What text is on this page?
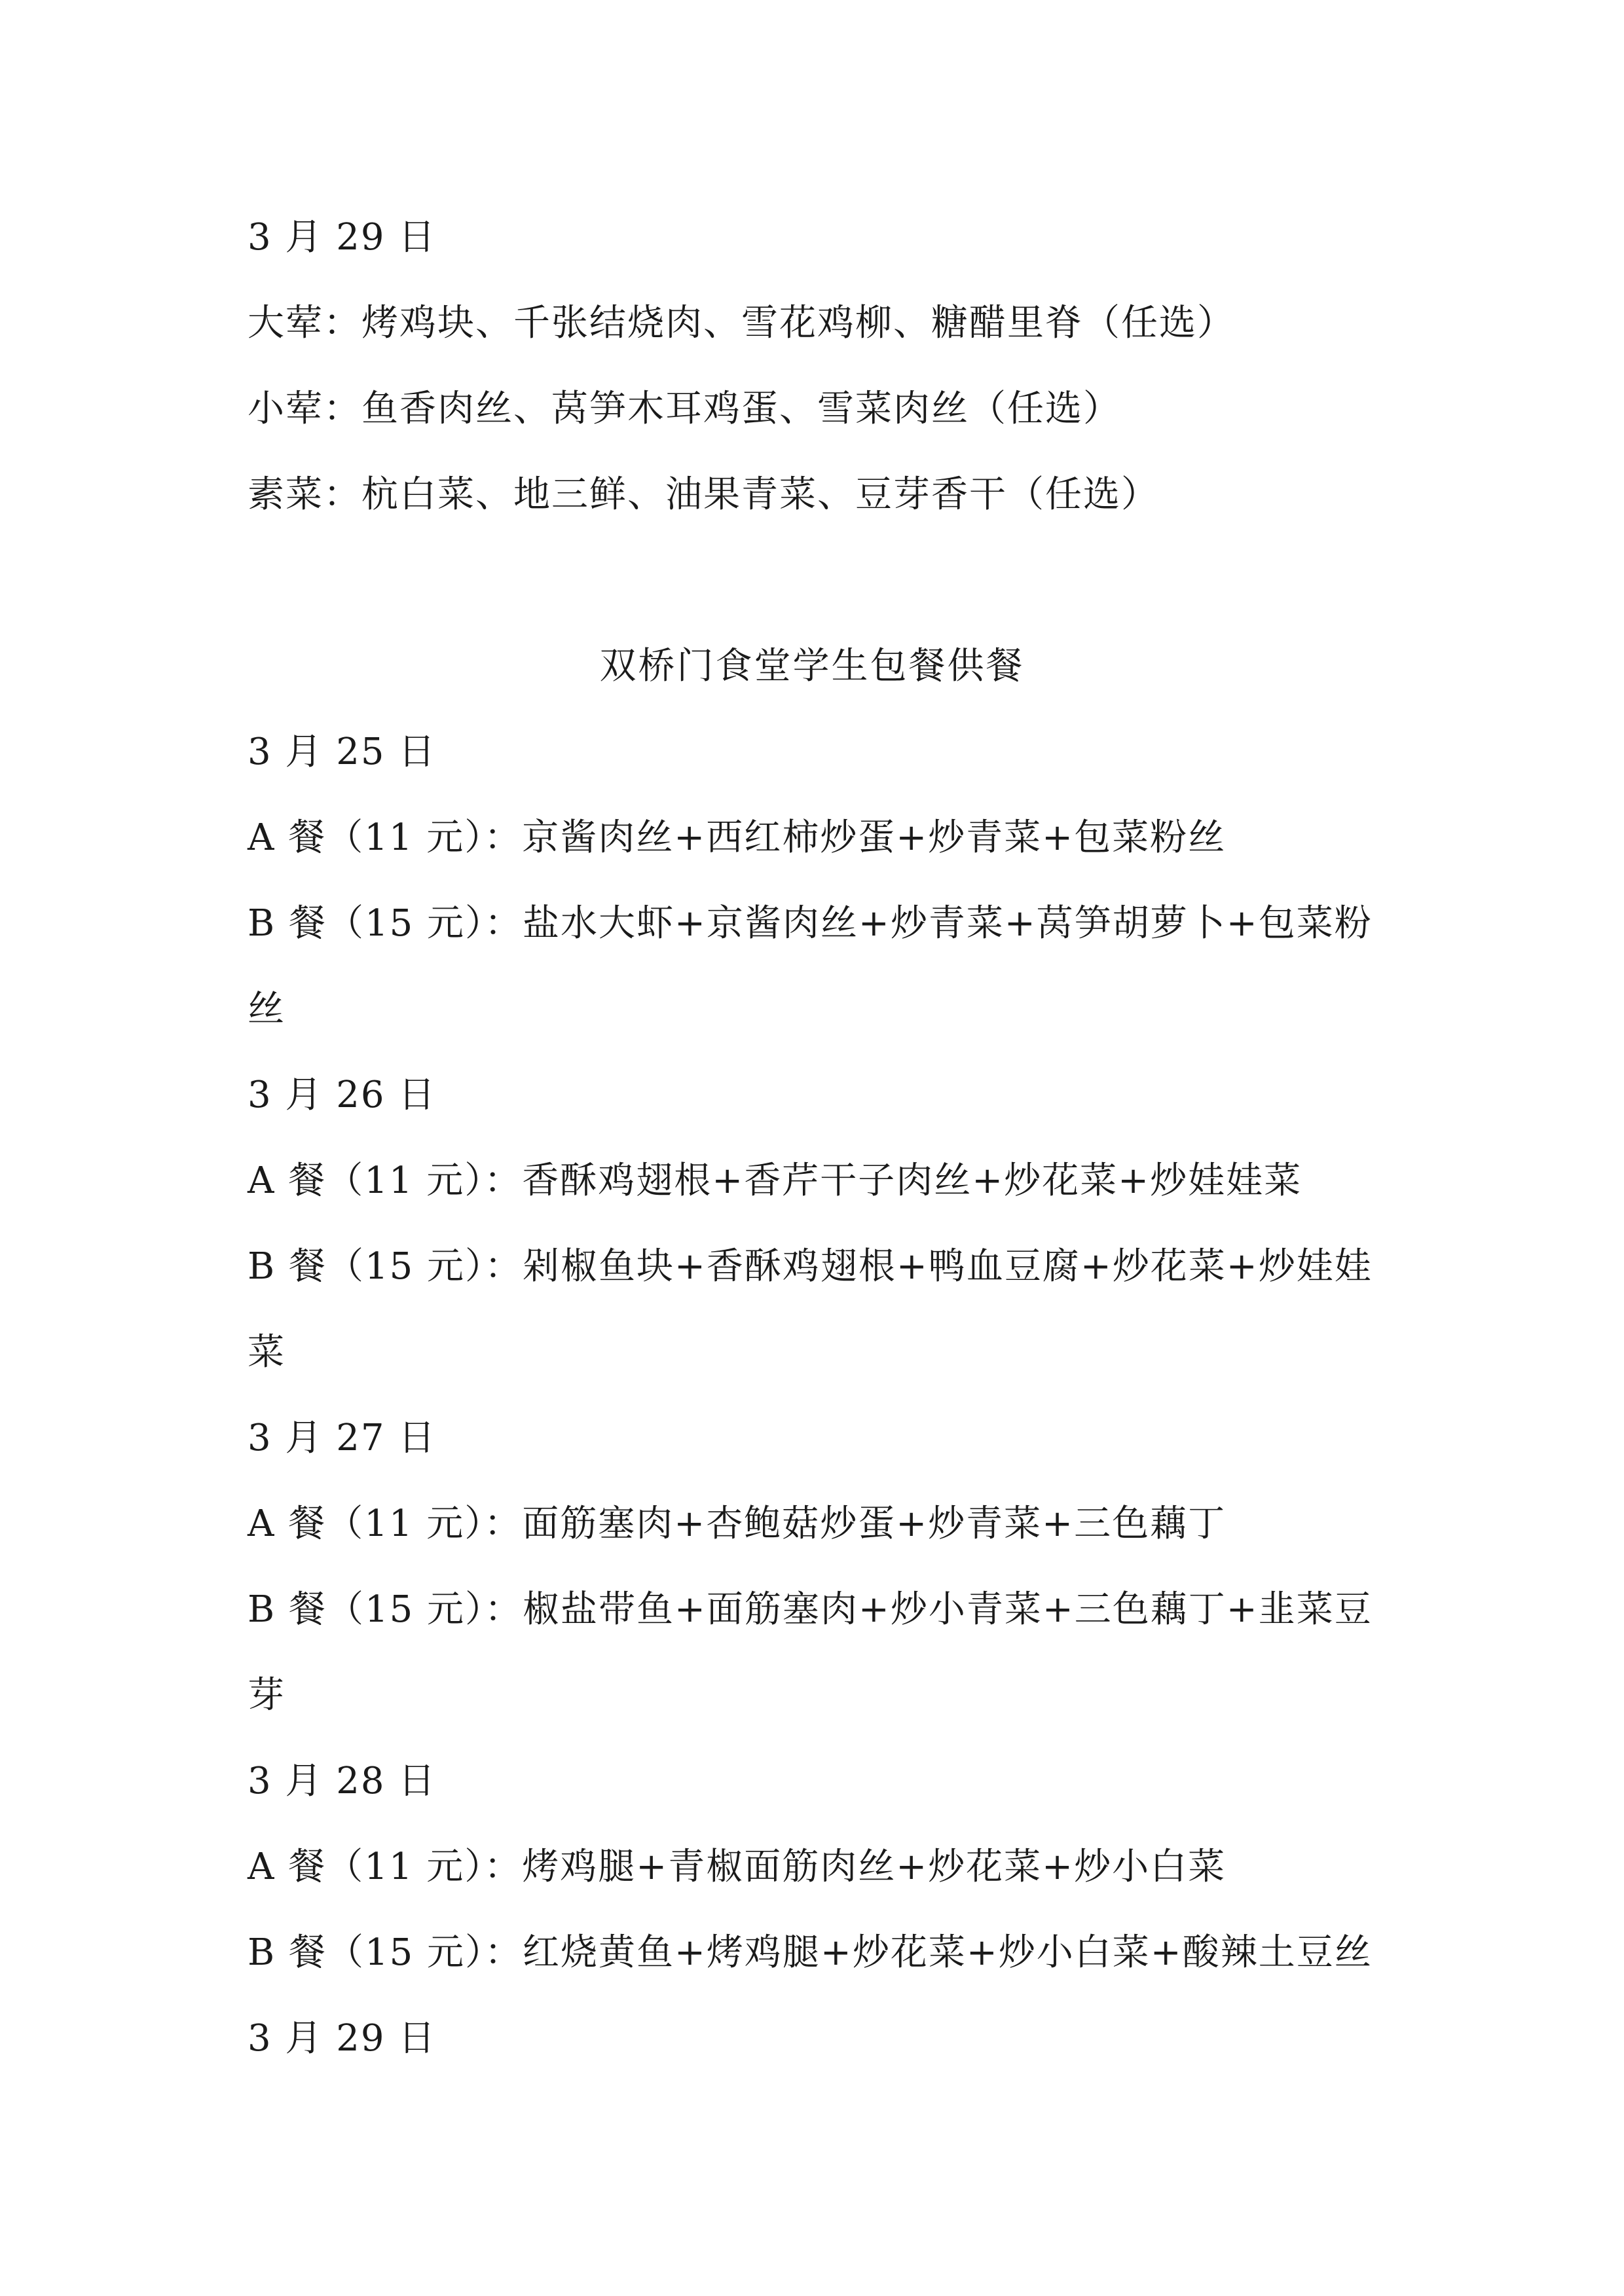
3 月 29 日
大荤：烤鸡块、千张结烧肉、雪花鸡柳、糖醋里脊（任选）
小荤：鱼香肉丝、莴笋木耳鸡蛋、雪菜肉丝（任选）
素菜：杭白菜、地三鲜、油果青菜、豆芽香干（任选）
双桥门食堂学生包餐供餐
3 月 25 日
A 餐（11 元）：京酱肉丝+西红柿炒蛋+炒青菜+包菜粉丝
B 餐（15 元）：盐水大虾+京酱肉丝+炒青菜+莴笋胡萝卜+包菜粉
丝
3 月 26 日
A 餐（11 元）：香酥鸡翅根+香芹干子肉丝+炒花菜+炒娃娃菜
B 餐（15 元）：剁椒鱼块+香酥鸡翅根+鸭血豆腐+炒花菜+炒娃娃
菜
3 月 27 日
A 餐（11 元）：面筋塞肉+杏鲍菇炒蛋+炒青菜+三色藕丁
B 餐（15 元）：椒盐带鱼+面筋塞肉+炒小青菜+三色藕丁+韭菜豆
芽
3 月 28 日
A 餐（11 元）：烤鸡腿+青椒面筋肉丝+炒花菜+炒小白菜
B 餐（15 元）：红烧黄鱼+烤鸡腿+炒花菜+炒小白菜+酸辣土豆丝
3 月 29 日
